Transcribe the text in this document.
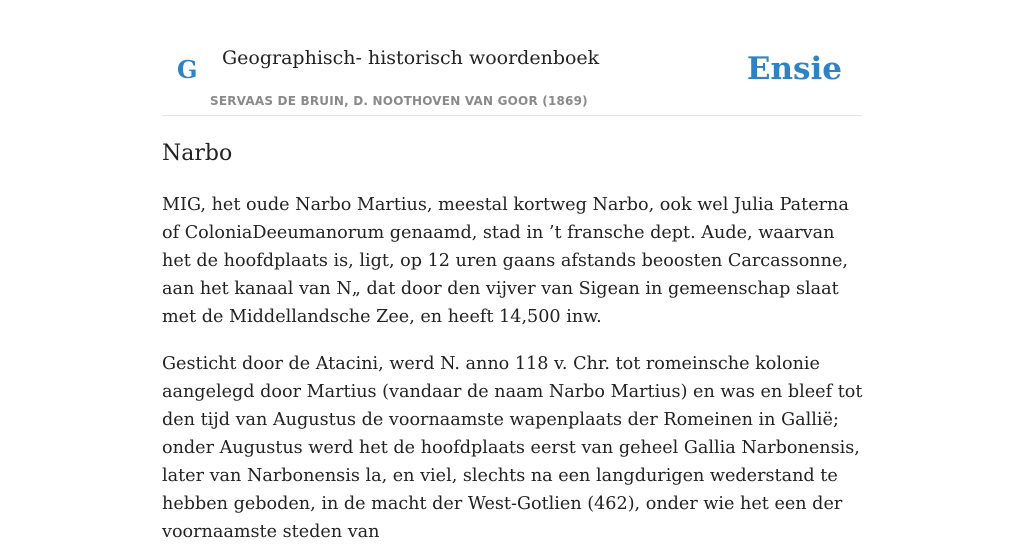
G Geographisch- historisch woordenboek
SERVAAS DE BRUIN, D. NOOTHOVEN VAN GOOR (1869)
Ensie
Narbo

MIG, het oude Narbo Martius, meestal kortweg Narbo, ook wel Julia Paterna of ColoniaDeeumanorum genaamd, stad in ’t fransche dept. Aude, waarvan het de hoofdplaats is, ligt, op 12 uren gaans afstands beoosten Carcassonne, aan het kanaal van N„ dat door den vijver van Sigean in gemeenschap slaat met de Middellandsche Zee, en heeft 14,500 inw.

Gesticht door de Atacini, werd N. anno 118 v. Chr. tot romeinsche kolonie aangelegd door Martius (vandaar de naam Narbo Martius) en was en bleef tot den tijd van Augustus de voornaamste wapenplaats der Romeinen in Gallië; onder Augustus werd het de hoofdplaats eerst van geheel Gallia Narbonensis, later van Narbonensis la, en viel, slechts na een langdurigen wederstand te hebben geboden, in de macht der West-Gotlien (462), onder wie het een der voornaamste steden van
